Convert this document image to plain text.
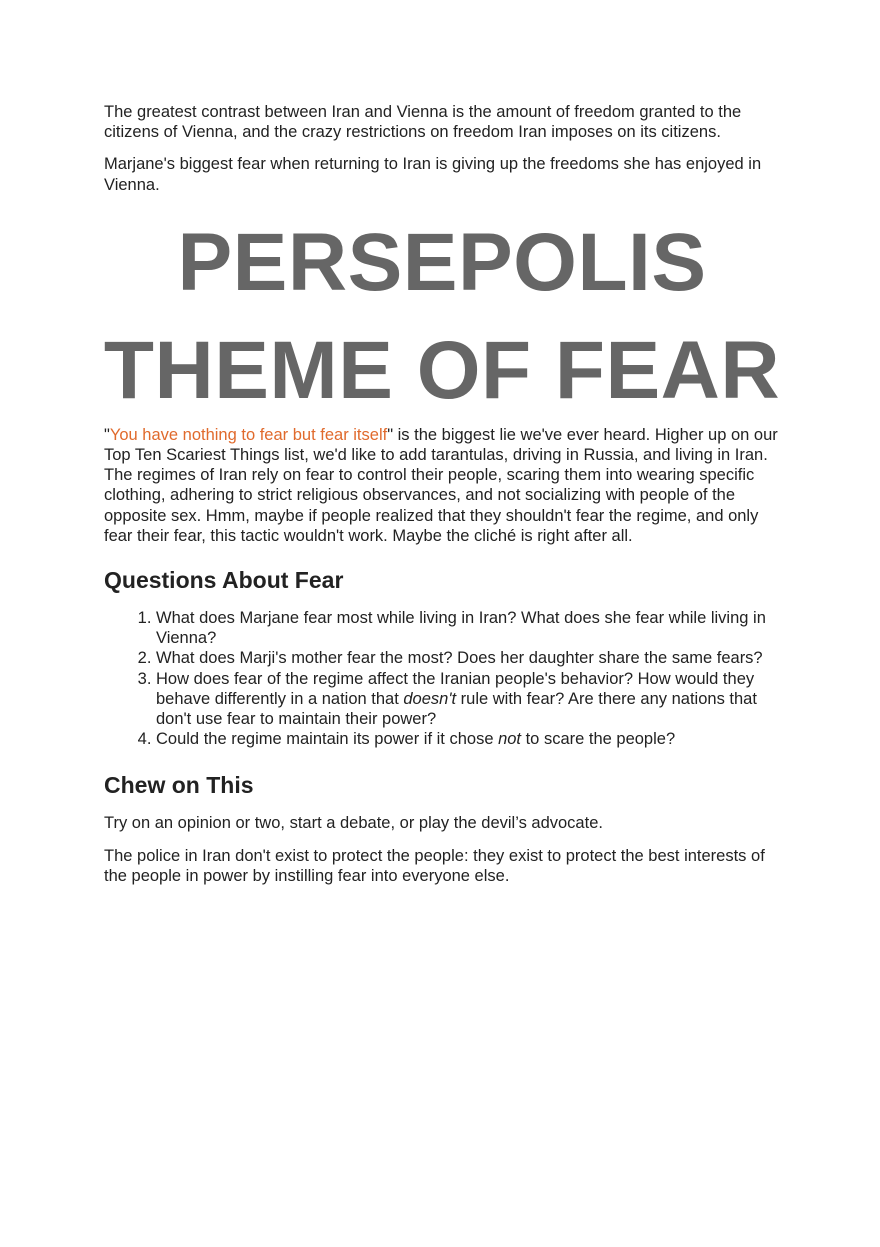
The greatest contrast between Iran and Vienna is the amount of freedom granted to the citizens of Vienna, and the crazy restrictions on freedom Iran imposes on its citizens.

Marjane's biggest fear when returning to Iran is giving up the freedoms she has enjoyed in Vienna.

PERSEPOLIS
THEME OF FEAR

"You have nothing to fear but fear itself" is the biggest lie we've ever heard. Higher up on our Top Ten Scariest Things list, we'd like to add tarantulas, driving in Russia, and living in Iran. The regimes of Iran rely on fear to control their people, scaring them into wearing specific clothing, adhering to strict religious observances, and not socializing with people of the opposite sex. Hmm, maybe if people realized that they shouldn't fear the regime, and only fear their fear, this tactic wouldn't work. Maybe the cliché is right after all.

Questions About Fear
1. What does Marjane fear most while living in Iran? What does she fear while living in Vienna?
2. What does Marji's mother fear the most? Does her daughter share the same fears?
3. How does fear of the regime affect the Iranian people's behavior? How would they behave differently in a nation that doesn't rule with fear? Are there any nations that don't use fear to maintain their power?
4. Could the regime maintain its power if it chose not to scare the people?
Chew on This

Try on an opinion or two, start a debate, or play the devil’s advocate.

The police in Iran don't exist to protect the people: they exist to protect the best interests of the people in power by instilling fear into everyone else.
